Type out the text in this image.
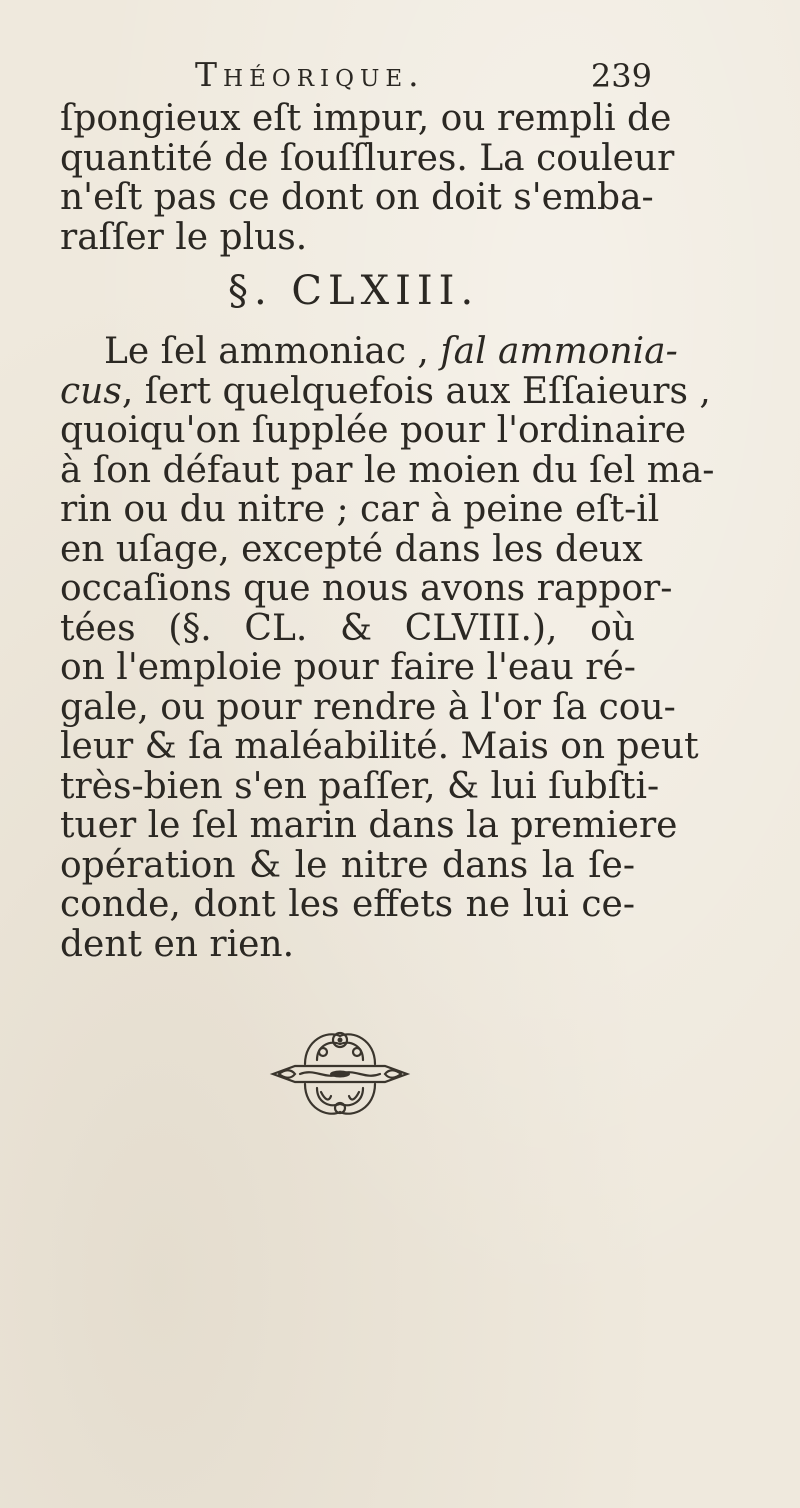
Théorique.	239
ſpongieux eſt impur, ou rempli de
quantité de ſouſſlures. La couleur
n'eſt pas ce dont on doit s'emba-
raſſer le plus.
§. CLXIII.
Le ſel ammoniac , ſal ammonia-
cus, ſert quelquefois aux Eſſaieurs ,
quoiqu'on ſupplée pour l'ordinaire
à ſon défaut par le moien du ſel ma-
rin ou du nitre ; car à peine eſt-il
en uſage, excepté dans les deux
occaſions que nous avons rappor-
tées (§. CL. & CLVIII.), où
on l'emploie pour faire l'eau ré-
gale, ou pour rendre à l'or ſa cou-
leur & ſa maléabilité. Mais on peut
très-bien s'en paſſer, & lui ſubſti-
tuer le ſel marin dans la premiere
opération & le nitre dans la ſe-
conde, dont les effets ne lui ce-
dent en rien.
